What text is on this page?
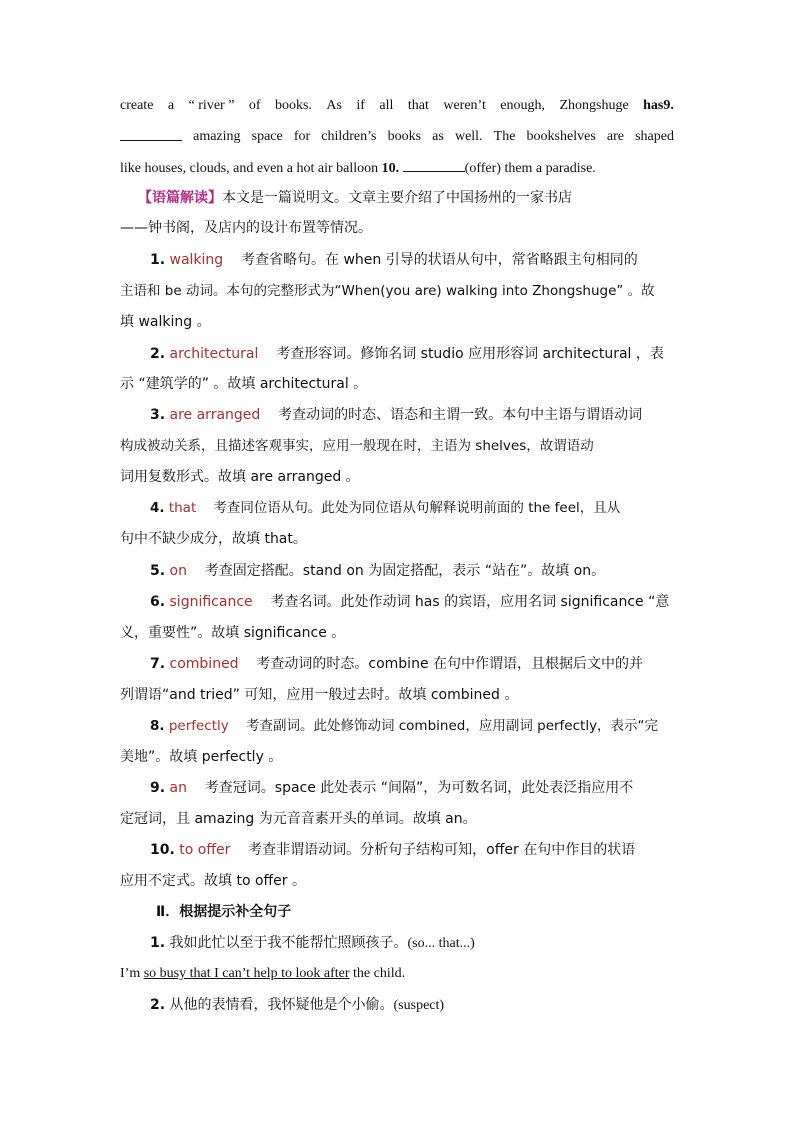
create a “ river ” of books. As if all that weren’t enough, Zhongshuge has9.
amazing space for children’s books as well. The bookshelves are shaped
like houses, clouds, and even a hot air balloon 10.	(offer) them a paradise.
【语篇解读】本文是一篇说明文。文章主要介绍了中国扬州的一家书店
——钟书阁，及店内的设计布置等情况。
1. walking 考查省略句。在 when 引导的状语从句中，常省略跟主句相同的
主语和 be 动词。本句的完整形式为“When(you are) walking into Zhongshuge” 。故
填 walking 。
2. architectural 考查形容词。修饰名词 studio 应用形容词 architectural ，表
示 “建筑学的” 。故填 architectural 。
3. are arranged 考查动词的时态、语态和主谓一致。本句中主语与谓语动词
构成被动关系，且描述客观事实，应用一般现在时，主语为 shelves，故谓语动
词用复数形式。故填 are arranged 。
4. that 考查同位语从句。此处为同位语从句解释说明前面的 the feel，且从
句中不缺少成分，故填 that。
5. on 考查固定搭配。stand on 为固定搭配，表示 “站在”。故填 on。
6. significance 考查名词。此处作动词 has 的宾语，应用名词 significance “意
义，重要性”。故填 significance 。
7. combined 考查动词的时态。combine 在句中作谓语，且根据后文中的并
列谓语“and tried” 可知，应用一般过去时。故填 combined 。
8. perfectly 考查副词。此处修饰动词 combined，应用副词 perfectly，表示“完
美地”。故填 perfectly 。
9. an 考查冠词。space 此处表示 “间隔”，为可数名词，此处表泛指应用不
定冠词，且 amazing 为元音音素开头的单词。故填 an。
10. to offer 考查非谓语动词。分析句子结构可知，offer 在句中作目的状语
应用不定式。故填 to offer 。
Ⅱ．根据提示补全句子
1. 我如此忙以至于我不能帮忙照顾孩子。(so... that...)
I’m so busy that I can’t help to look after the child.
2. 从他的表情看，我怀疑他是个小偷。(suspect)
